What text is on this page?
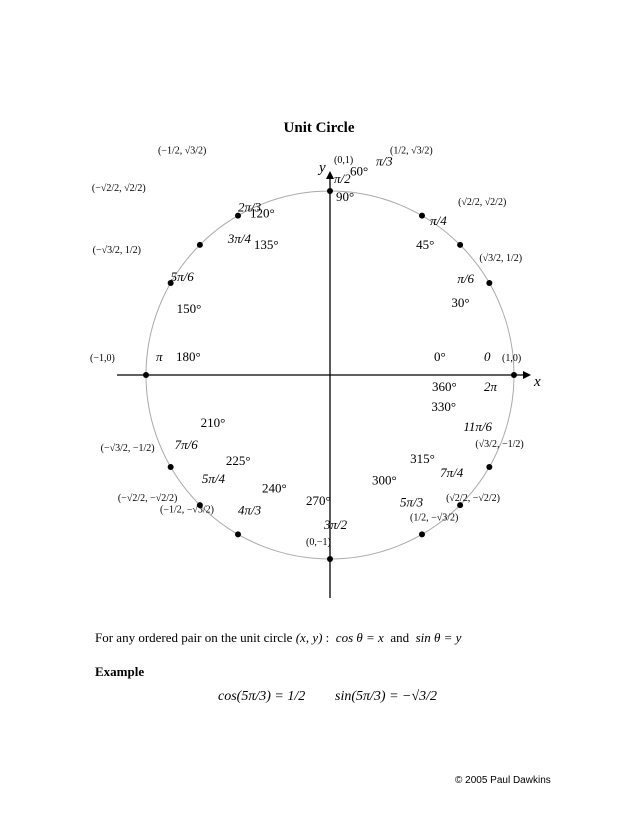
Unit Circle
x
y
(1,0)
0
0°
360° 2π
(√3/2, 1/2)
π/6
30°
(√2/2, √2/2)
π/4
45°
(1/2, √3/2)
π/3
60°
(0,1)
π/2
90°
(−1/2, √3/2)
2π/3
120°
(−√2/2, √2/2)
3π/4 135°
(−√3/2, 1/2)
5π/6
150°
(−1,0)	π 180°
(−√3/2, −1/2) 7π/6
210°
(−√2/2, −√2/2)
5π/4
225°
(−1/2, −√3/2) 4π/3
240°
(0,−1)
3π/2
270°
(1/2, −√3/2)
5π/3
300°
(√2/2, −√2/2)
7π/4
315°
(√3/2, −1/2)
11π/6
330°
For any ordered pair on the unit circle (x, y) : cos θ = x and sin θ = y
Example
cos(5π/3) = 1/2 sin(5π/3) = −√3/2
© 2005 Paul Dawkins
